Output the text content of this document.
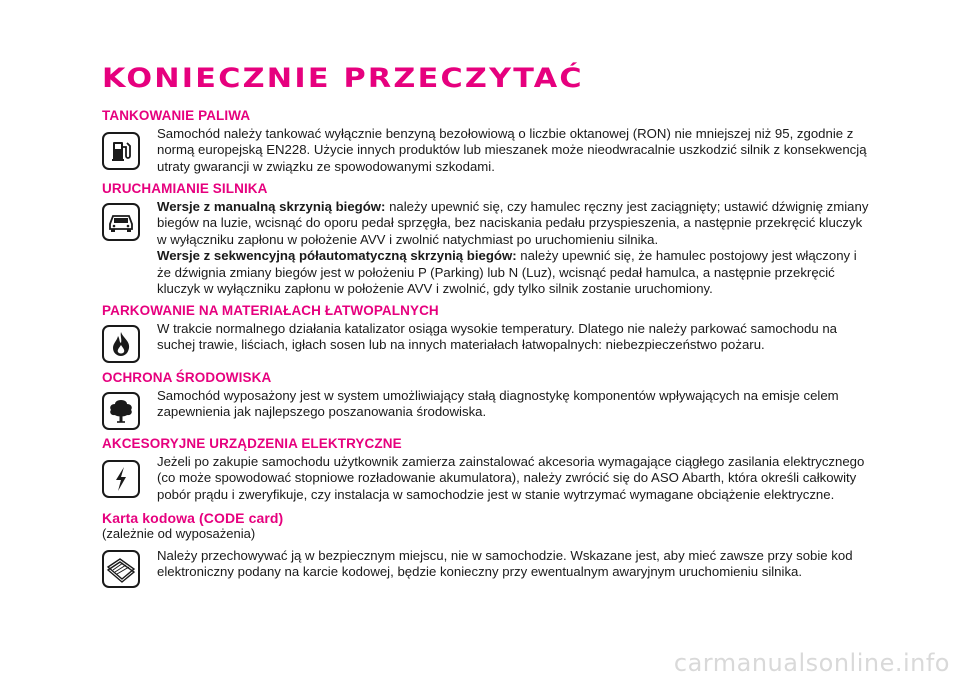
KONIECZNIE PRZECZYTAĆ

TANKOWANIE PALIWA

Samochód należy tankować wyłącznie benzyną bezołowiową o liczbie oktanowej (RON) nie mniejszej niż 95, zgodnie z normą europejską EN228. Użycie innych produktów lub mieszanek może nieodwracalnie uszkodzić silnik z konsekwencją utraty gwarancji w związku ze spowodowanymi szkodami.

URUCHAMIANIE SILNIKA

Wersje z manualną skrzynią biegów: należy upewnić się, czy hamulec ręczny jest zaciągnięty; ustawić dźwignię zmiany biegów na luzie, wcisnąć do oporu pedał sprzęgła, bez naciskania pedału przyspieszenia, a następnie przekręcić kluczyk w wyłączniku zapłonu w położenie AVV i zwolnić natychmiast po uruchomieniu silnika.
Wersje z sekwencyjną półautomatyczną skrzynią biegów: należy upewnić się, że hamulec postojowy jest włączony i że dźwignia zmiany biegów jest w położeniu P (Parking) lub N (Luz), wcisnąć pedał hamulca, a następnie przekręcić kluczyk w wyłączniku zapłonu w położenie AVV i zwolnić, gdy tylko silnik zostanie uruchomiony.

PARKOWANIE NA MATERIAŁACH ŁATWOPALNYCH

W trakcie normalnego działania katalizator osiąga wysokie temperatury. Dlatego nie należy parkować samochodu na suchej trawie, liściach, igłach sosen lub na innych materiałach łatwopalnych: niebezpieczeństwo pożaru.

OCHRONA ŚRODOWISKA

Samochód wyposażony jest w system umożliwiający stałą diagnostykę komponentów wpływających na emisje celem zapewnienia jak najlepszego poszanowania środowiska.

AKCESORYJNE URZĄDZENIA ELEKTRYCZNE

Jeżeli po zakupie samochodu użytkownik zamierza zainstalować akcesoria wymagające ciągłego zasilania elektrycznego (co może spowodować stopniowe rozładowanie akumulatora), należy zwrócić się do ASO Abarth, która określi całkowity pobór prądu i zweryfikuje, czy instalacja w samochodzie jest w stanie wytrzymać wymagane obciążenie elektryczne.

Karta kodowa (CODE card)

(zależnie od wyposażenia)

Należy przechowywać ją w bezpiecznym miejscu, nie w samochodzie. Wskazane jest, aby mieć zawsze przy sobie kod elektroniczny podany na karcie kodowej, będzie konieczny przy ewentualnym awaryjnym uruchomieniu silnika.
carmanualsonline.info
